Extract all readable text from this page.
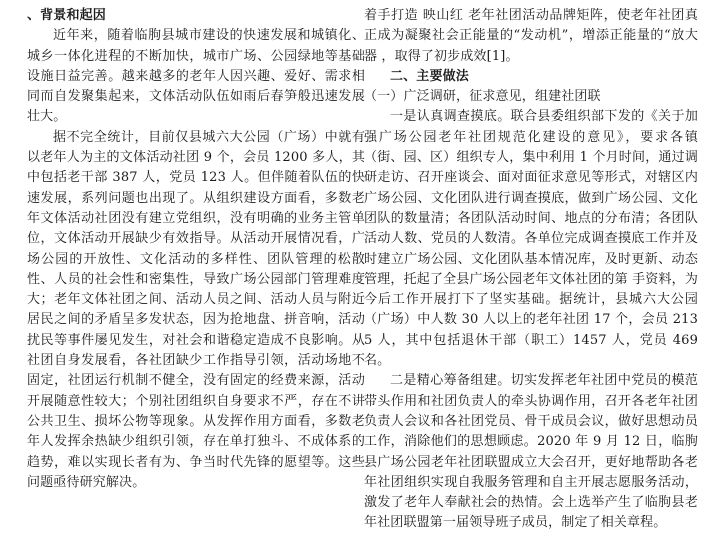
、背景和起因

近年来，随着临朐县城市建设的快速发展和城镇化、城乡一体化进程的不断加快，城市广场、公园绿地等基础设施日益完善。越来越多的老年人因兴趣、爱好、需求相同而自发聚集起来，文体活动队伍如雨后春笋般迅速发展壮大。

据不完全统计，目前仅县城六大公园（广场）中就有以老年人为主的文体活动社团 9 个，会员 1200 多人，其中包括老干部 387 人，党员 123 人。但伴随着队伍的快速发展，系列问题也出现了。从组织建设方面看，多数老年文体活动社团没有建立党组织，没有明确的业务主管单位，文体活动开展缺少有效指导。从活动开展情况看，广场公园的开放性、文化活动的多样性、团队管理的松散性、人员的社会性和密集性，导致广场公园部门管理难度大；老年文体社团之间、活动人员之间、活动人员与附近居民之间的矛盾呈多发状态，因为抢地盘、拼音响，活动扰民等事件屡见发生，对社会和谐稳定造成不良影响。从社团自身发展看，各社团缺少工作指导引领，活动场地不固定，社团运行机制不健全，没有固定的经费来源，活动开展随意性较大；个别社团组织自身要求不严，存在不讲公共卫生、损坏公物等现象。从发挥作用方面看，多数老年人发挥余热缺少组织引领，存在单打独斗、不成体系的趋势，难以实现长者有为、争当时代先锋的愿望等。这些问题亟待研究解决。

着手打造 映山红 老年社团活动品牌矩阵，使老年社团真正成为凝聚社会正能量的“发动机”，增添正能量的“放大器 ，取得了初步成效[1]。

二、主要做法

（一）广泛调研，征求意见，组建社团联

一是认真调查摸底。联合县委组织部下发的《关于加强广场公园老年社团规范化建设的意见》，要求各镇（街、园、区）组织专人，集中利用 1 个月时间，通过调研走访、召开座谈会、面对面征求意见等形式，对辖区内广场公园、文化团队进行调查摸底，做到广场公园、文化团队的数量清；各团队活动时间、地点的分布清；各团队活动人数、党员的人数清。各单位完成调查摸底工作并及时建立广场公园、文化团队基本情况库，及时更新、动态管理，托起了全县广场公园老年文体社团的第 手资料，为今后工作开展打下了坚实基础。据统计，县城六大公园（广场）中人数 30 人以上的老年社团 17 个，会员 2135 人，其中包括退休干部（职工）1457 人，党员 469 名。

二是精心筹备组建。切实发挥老年社团中党员的模范带头作用和社团负责人的牵头协调作用，召开各老年社团负责人会议和各社团党员、骨干成员会议，做好思想动员工作，消除他们的思想顾虑。2020 年 9 月 12 日，临朐县广场公园老年社团联盟成立大会召开，更好地帮助各老年社团组织实现自我服务管理和自主开展志愿服务活动，激发了老年人奉献社会的热情。会上选举产生了临朐县老年社团联盟第一届领导班子成员，制定了相关章程。
